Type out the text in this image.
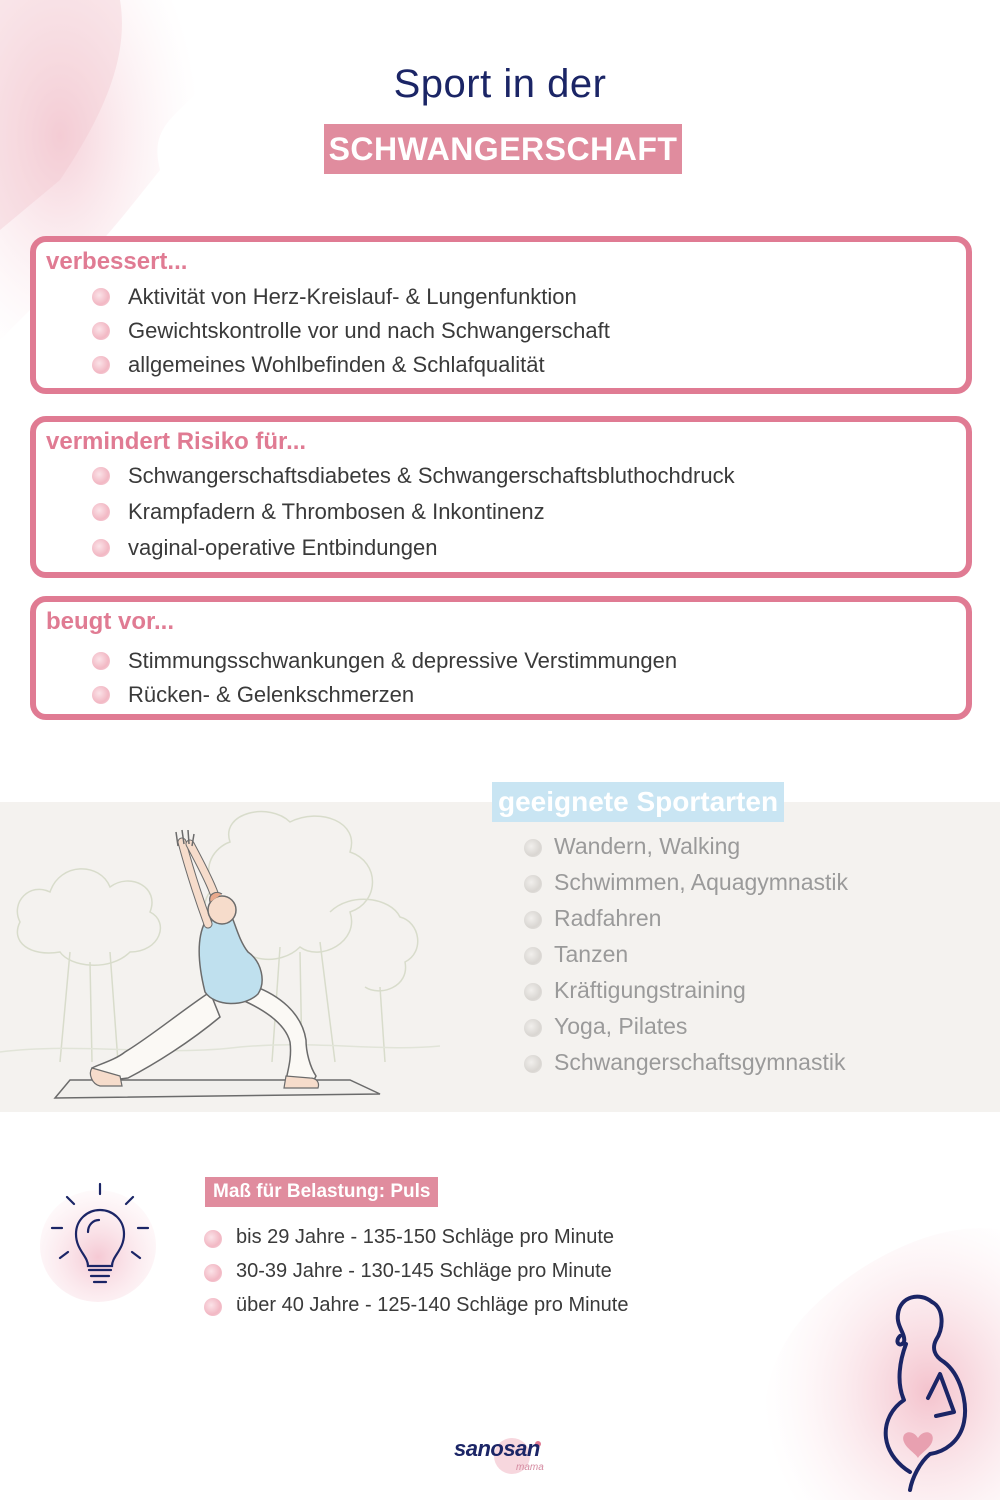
Sport in der
SCHWANGERSCHAFT
verbessert...
Aktivität von Herz-Kreislauf- & Lungenfunktion
Gewichtskontrolle vor und nach Schwangerschaft
allgemeines Wohlbefinden & Schlafqualität
vermindert Risiko für...
Schwangerschaftsdiabetes & Schwangerschaftsbluthochdruck
Krampfadern & Thrombosen & Inkontinenz
vaginal-operative Entbindungen
beugt vor...
Stimmungsschwankungen & depressive Verstimmungen
Rücken- & Gelenkschmerzen
geeignete Sportarten
Wandern, Walking
Schwimmen, Aquagymnastik
Radfahren
Tanzen
Kräftigungstraining
Yoga, Pilates
Schwangerschaftsgymnastik
Maß für Belastung: Puls
bis 29 Jahre - 135-150 Schläge pro Minute
30-39 Jahre - 130-145 Schläge pro Minute
über 40 Jahre - 125-140 Schläge pro Minute
sanosan
mama
